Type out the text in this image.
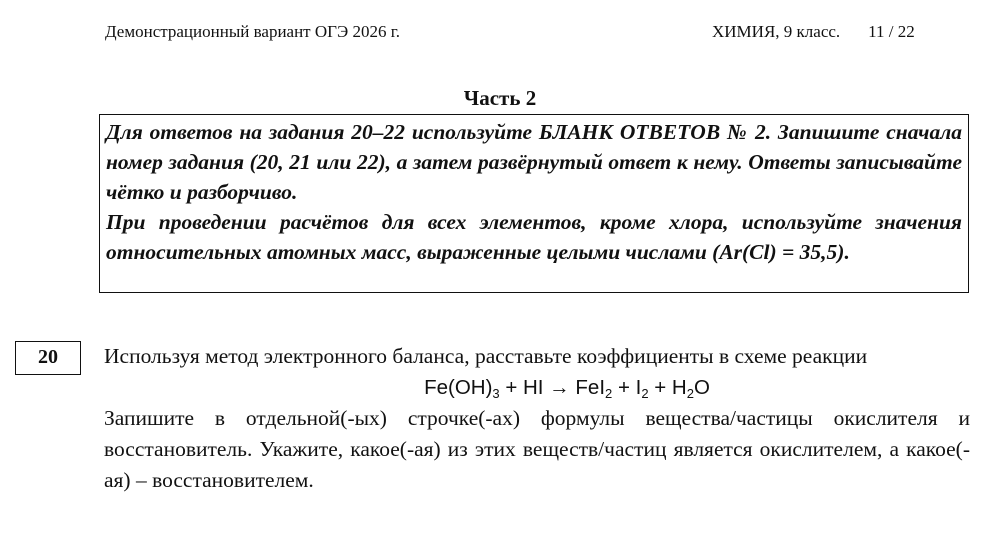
Демонстрационный вариант ОГЭ 2026 г.	ХИМИЯ, 9 класс. 11 / 22
Часть 2

Для ответов на задания 20–22 используйте БЛАНК ОТВЕТОВ № 2. Запишите сначала номер задания (20, 21 или 22), а затем развёрнутый ответ к нему. Ответы записывайте чётко и разборчиво.

При проведении расчётов для всех элементов, кроме хлора, используйте значения относительных атомных масс, выраженные целыми числами (Ar(Cl) = 35,5).

20	Используя метод электронного баланса, расставьте коэффициенты в схеме реакции

$Fe(OH)_3$ + HI → $FeI_2 + I_2 + H_2O$

Запишите в отдельной(-ых) строчке(-ах) формулы вещества/частицы окислителя и восстановитель. Укажите, какое(-ая) из этих веществ/частиц является окислителем, а какое(-ая) – восстановителем.
